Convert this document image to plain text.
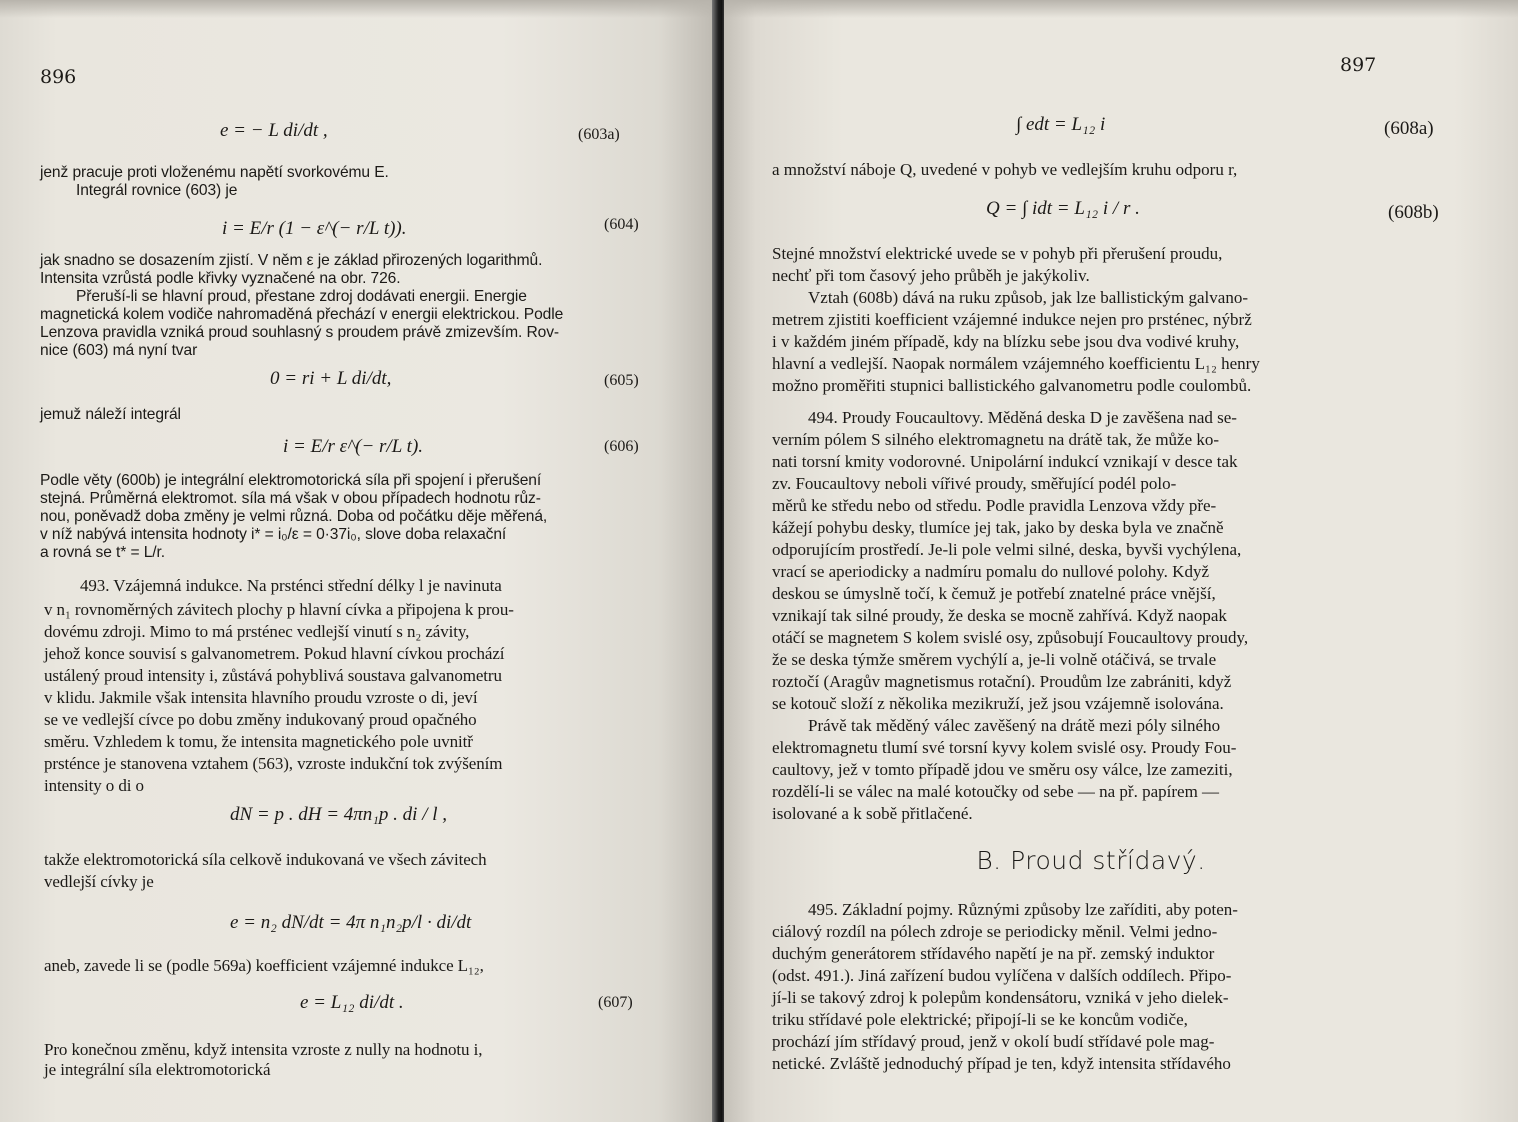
896
e = − L di/dt ,	(603a)
jenž pracuje proti vloženému napětí svorkovému E.
Integrál rovnice (603) je
jak snadno se dosazením zjistí. V něm ε je základ přirozených logarithmů.
Intensita vzrůstá podle křivky vyznačené na obr. 726.
Přeruší-li se hlavní proud, přestane zdroj dodávati energii. Energie
magnetická kolem vodiče nahromaděná přechází v energii elektrickou. Podle
Lenzova pravidla vzniká proud souhlasný s proudem právě zmizevším. Rov-
nice (603) má nyní tvar
jemuž náleží integrál
Podle věty (600b) je integrální elektromotorická síla při spojení i přerušení
stejná. Průměrná elektromot. síla má však v obou případech hodnotu růz-
nou, poněvadž doba změny je velmi různá. Doba od počátku děje měřená,
v níž nabývá intensita hodnoty i* = i₀/ε = 0·37i₀, slove doba relaxační
a rovná se t* = L/r.
i = E/r (1 − ε^(− r/L t)).	(604)
0 = ri + L di/dt,	(605)
i = E/r ε^(− r/L t).	(606)
493. Vzájemná indukce. Na prsténci střední délky l je navinuta
v n₁ rovnoměrných závitech plochy p hlavní cívka a připojena k prou-
dovému zdroji. Mimo to má prsténec vedlejší vinutí s n₂ závity,
jehož konce souvisí s galvanometrem. Pokud hlavní cívkou prochází
ustálený proud intensity i, zůstává pohyblivá soustava galvanometru
v klidu. Jakmile však intensita hlavního proudu vzroste o di, jeví
se ve vedlejší cívce po dobu změny indukovaný proud opačného
směru. Vzhledem k tomu, že intensita magnetického pole uvnitř
prsténce je stanovena vztahem (563), vzroste indukční tok zvýšením
intensity o di o
takže elektromotorická síla celkově indukovaná ve všech závitech
vedlejší cívky je
aneb, zavede li se (podle 569a) koefficient vzájemné indukce L₁₂,
Pro konečnou změnu, když intensita vzroste z nully na hodnotu i,
je integrální síla elektromotorická
dN = p . dH = 4πn₁p . di / l ,
e = n₂ dN/dt = 4π n₁n₂p/l · di/dt
e = L₁₂ di/dt .	(607)
897
∫ edt = L₁₂ i	(608a)
Q = ∫ idt = L₁₂ i / r .	(608b)
a množství náboje Q, uvedené v pohyb ve vedlejším kruhu odporu r,
Stejné množství elektrické uvede se v pohyb při přerušení proudu,
nechť při tom časový jeho průběh je jakýkoliv.
Vztah (608b) dává na ruku způsob, jak lze ballistickým galvano-
metrem zjistiti koefficient vzájemné indukce nejen pro prsténec, nýbrž
i v každém jiném případě, kdy na blízku sebe jsou dva vodivé kruhy,
hlavní a vedlejší. Naopak normálem vzájemného koefficientu L₁₂ henry
možno proměřiti stupnici ballistického galvanometru podle coulombů.
494. Proudy Foucaultovy. Měděná deska D je zavěšena nad se-
verním pólem S silného elektromagnetu na drátě tak, že může ko-
nati torsní kmity vodorovné. Unipolární indukcí vznikají v desce tak
zv. Foucaultovy neboli vířivé proudy, směřující podél polo-
měrů ke středu nebo od středu. Podle pravidla Lenzova vždy pře-
kážejí pohybu desky, tlumíce jej tak, jako by deska byla ve značně
odporujícím prostředí. Je-li pole velmi silné, deska, byvši vychýlena,
vrací se aperiodicky a nadmíru pomalu do nullové polohy. Když
deskou se úmyslně točí, k čemuž je potřebí znatelné práce vnější,
vznikají tak silné proudy, že deska se mocně zahřívá. Když naopak
otáčí se magnetem S kolem svislé osy, způsobují Foucaultovy proudy,
že se deska týmže směrem vychýlí a, je-li volně otáčivá, se trvale
roztočí (Aragův magnetismus rotační). Proudům lze zabrániti, když
se kotouč složí z několika mezikruží, jež jsou vzájemně isolována.
Právě tak měděný válec zavěšený na drátě mezi póly silného
elektromagnetu tlumí své torsní kyvy kolem svislé osy. Proudy Fou-
caultovy, jež v tomto případě jdou ve směru osy válce, lze zameziti,
rozdělí-li se válec na malé kotoučky od sebe — na př. papírem —
isolované a k sobě přitlačené.
495. Základní pojmy. Různými způsoby lze zaříditi, aby poten-
ciálový rozdíl na pólech zdroje se periodicky měnil. Velmi jedno-
duchým generátorem střídavého napětí je na př. zemský induktor
(odst. 491.). Jiná zařízení budou vylíčena v dalších oddílech. Připo-
jí-li se takový zdroj k polepům kondensátoru, vzniká v jeho dielek-
triku střídavé pole elektrické; připojí-li se ke koncům vodiče,
prochází jím střídavý proud, jenž v okolí budí střídavé pole mag-
netické. Zvláště jednoduchý případ je ten, když intensita střídavého
B. Proud střídavý.
